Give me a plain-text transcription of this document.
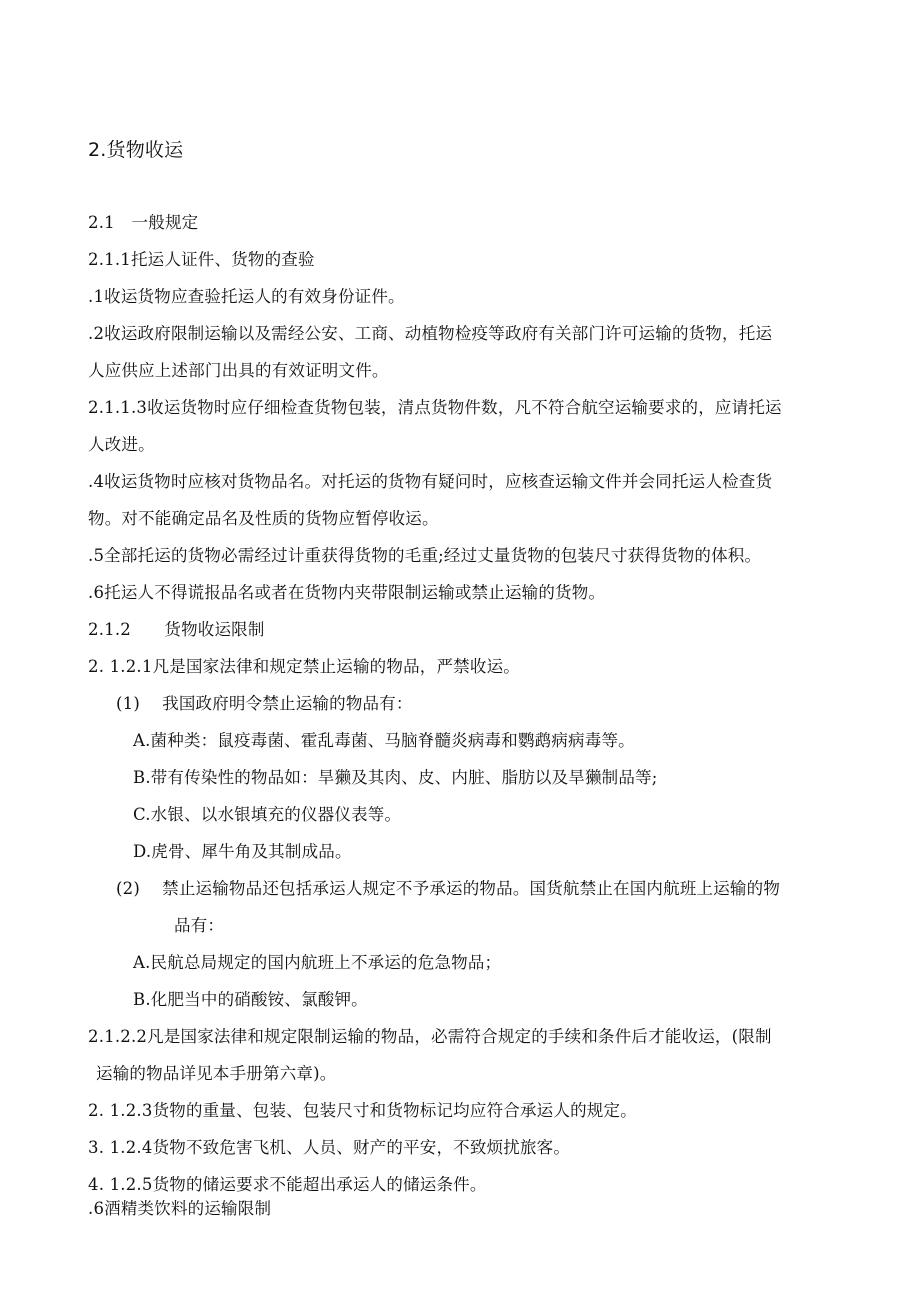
2.货物收运
2.1　一般规定
2.1.1托运人证件、货物的查验
.1收运货物应查验托运人的有效身份证件。
.2收运政府限制运输以及需经公安、工商、动植物检疫等政府有关部门许可运输的货物，托运
人应供应上述部门出具的有效证明文件。
2.1.1.3收运货物时应仔细检查货物包装，清点货物件数，凡不符合航空运输要求的，应请托运
人改进。
.4收运货物时应核对货物品名。对托运的货物有疑问时，应核查运输文件并会同托运人检查货
物。对不能确定品名及性质的货物应暂停收运。
.5全部托运的货物必需经过计重获得货物的毛重;经过丈量货物的包装尺寸获得货物的体积。
.6托运人不得谎报品名或者在货物内夹带限制运输或禁止运输的货物。
2.1.2　　货物收运限制
2. 1.2.1凡是国家法律和规定禁止运输的物品，严禁收运。
(1)　 我国政府明令禁止运输的物品有：
A.菌种类：鼠疫毒菌、霍乱毒菌、马脑脊髓炎病毒和鹦鹉病病毒等。
B.带有传染性的物品如：旱獭及其肉、皮、内脏、脂肪以及旱獭制品等;
C.水银、以水银填充的仪器仪表等。
D.虎骨、犀牛角及其制成品。
(2)　 禁止运输物品还包括承运人规定不予承运的物品。国货航禁止在国内航班上运输的物
品有：
A.民航总局规定的国内航班上不承运的危急物品；
B.化肥当中的硝酸铵、氯酸钾。
2.1.2.2凡是国家法律和规定限制运输的物品，必需符合规定的手续和条件后才能收运，(限制
运输的物品详见本手册第六章)。
2. 1.2.3货物的重量、包装、包装尺寸和货物标记均应符合承运人的规定。
3. 1.2.4货物不致危害飞机、人员、财产的平安，不致烦扰旅客。
4. 1.2.5货物的储运要求不能超出承运人的储运条件。
.6酒精类饮料的运输限制
